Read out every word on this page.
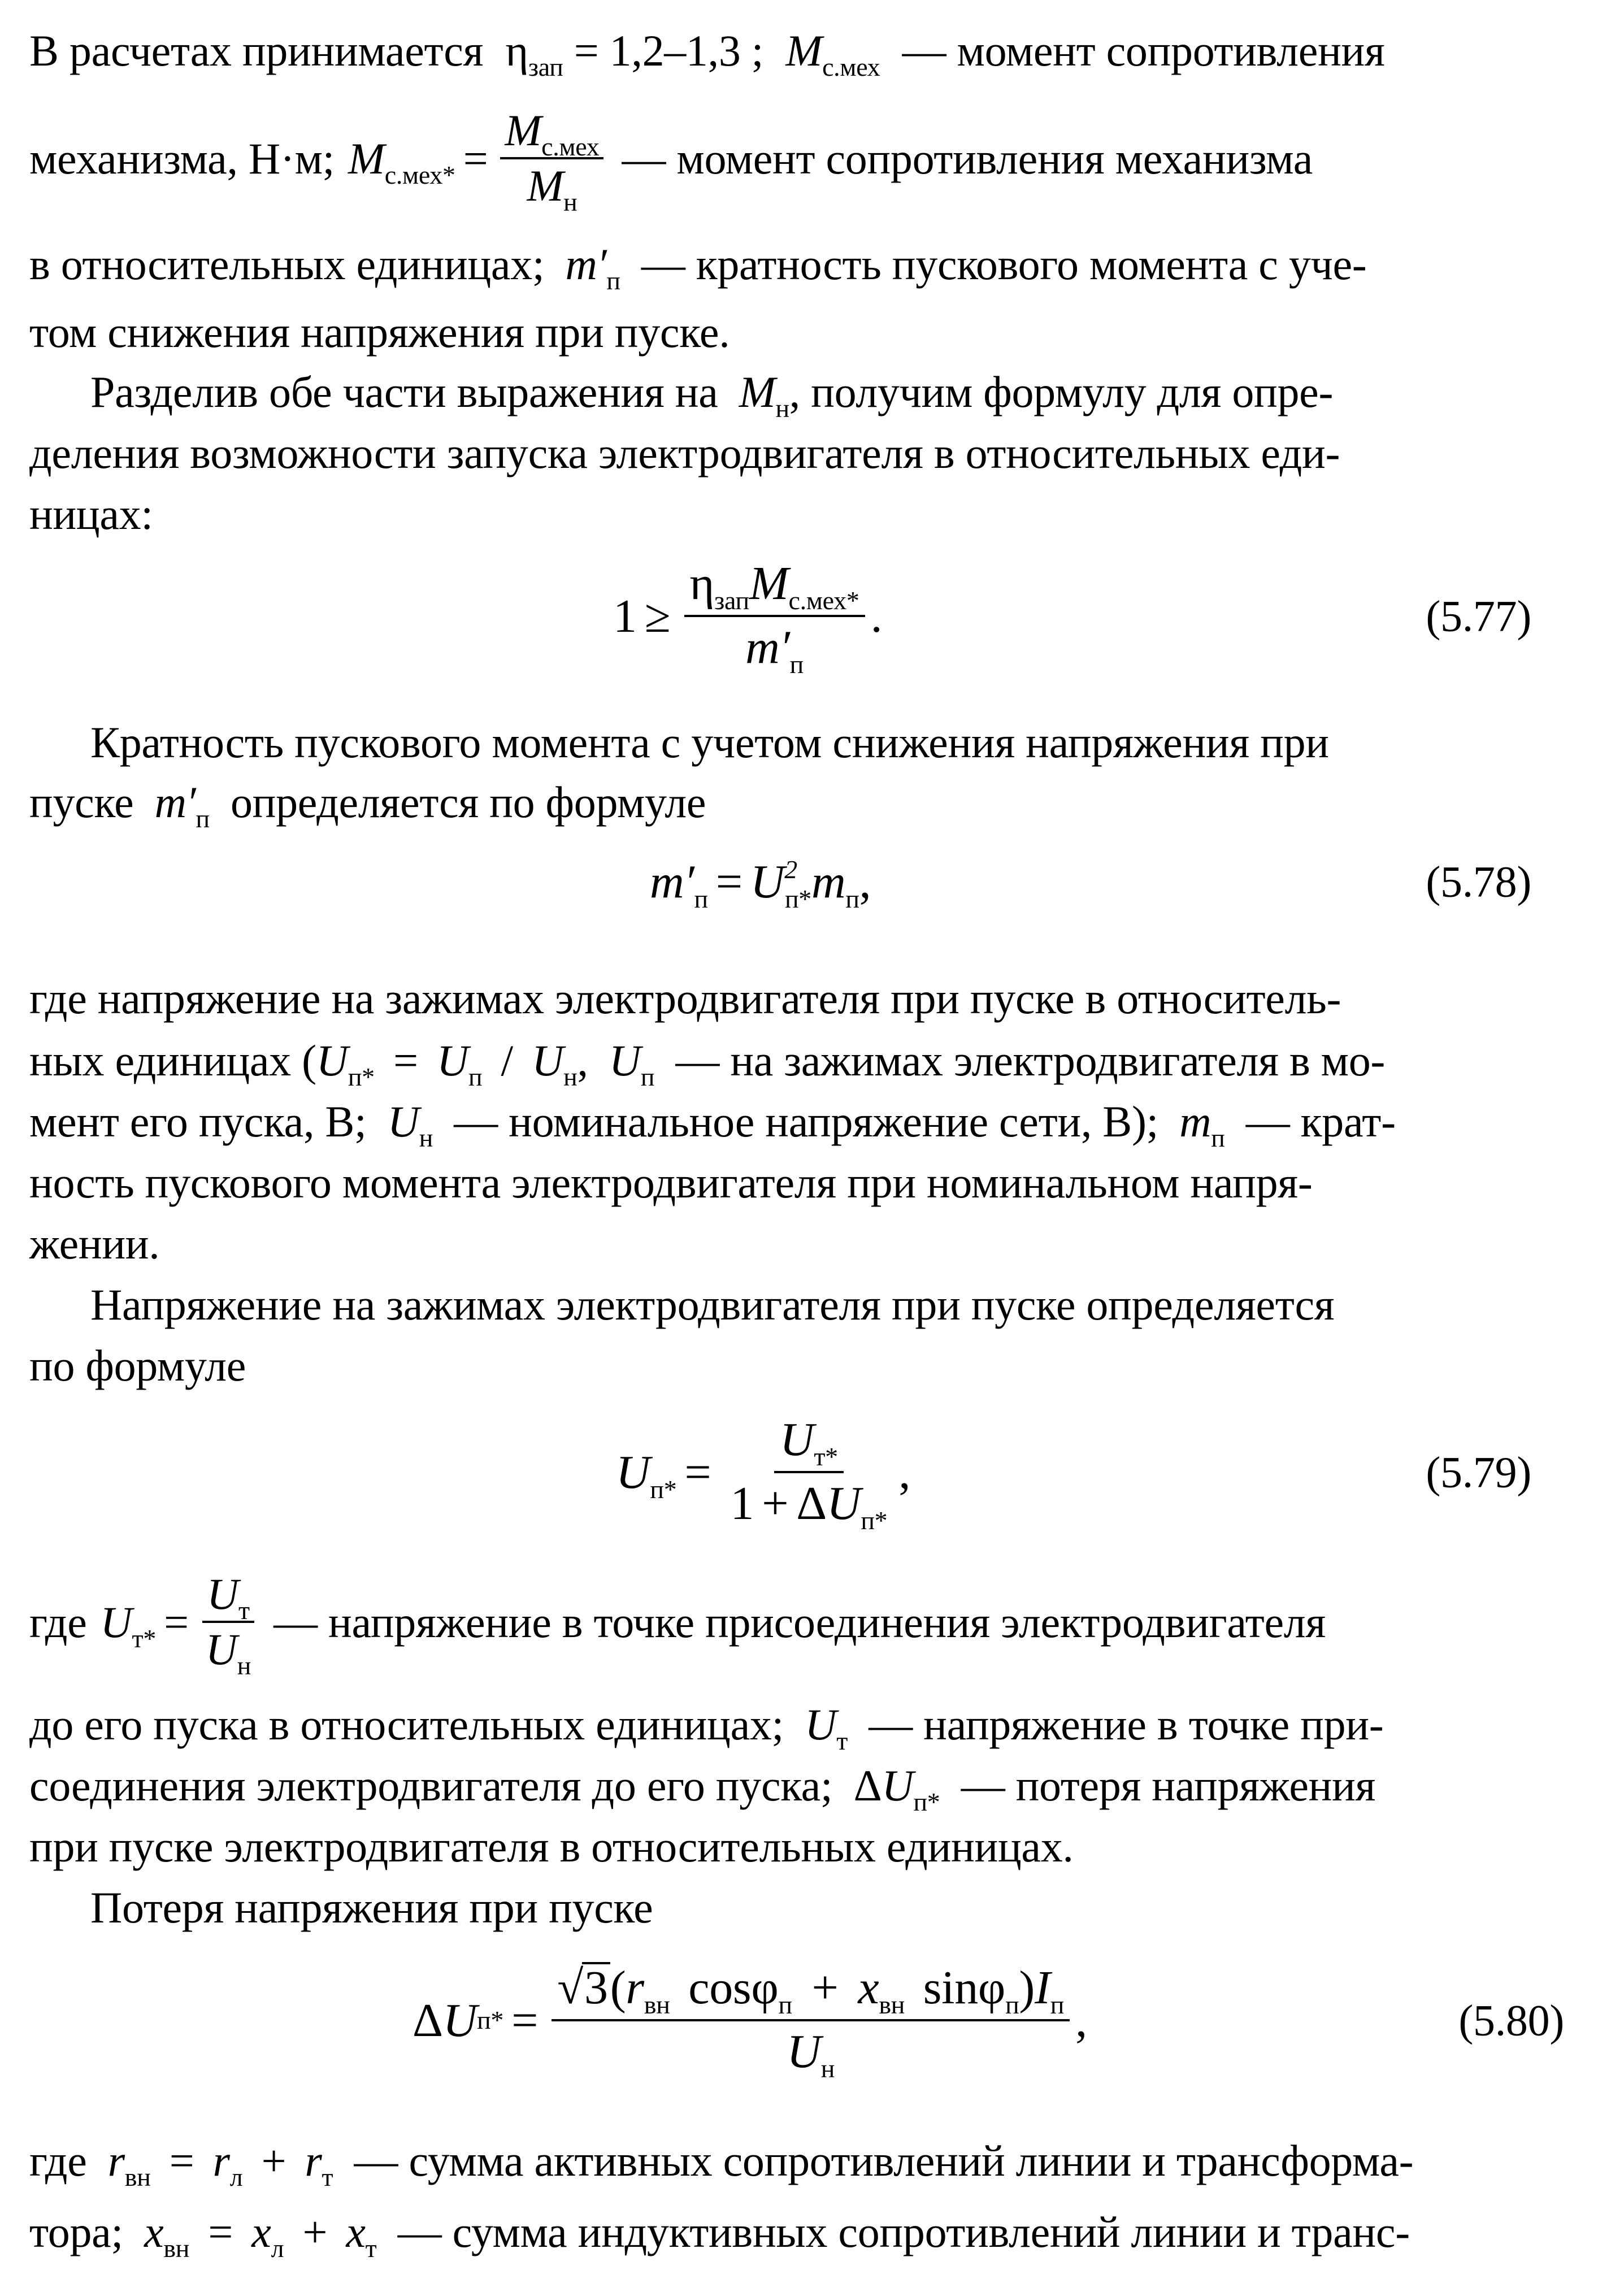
В расчетах принимается $\eta_{зап} = 1,2-1,3$ ; $M_{с.мех}$ — момент сопротивления
механизма, Н·м; $M_{с.мех*}$ =
$M_{с.мех}$
$M_н$
— момент сопротивления механизма
в относительных единицах; $m'_п$ — кратность пускового момента с уче-
том снижения напряжения при пуске.
Разделив обе части выражения на $M_н$, получим формулу для опре-
деления возможности запуска электродвигателя в относительных еди-
ницах:
$1 \ge \frac{\eta_{зап}M_{с.мех*}}{m'_п}$ .	(5.77)
Кратность пускового момента с учетом снижения напряжения при
пуске $m'_п$ определяется по формуле
$m'_п = U^2_{п*}m_п$ ,	(5.78)
где напряжение на зажимах электродвигателя при пуске в относитель-
ных единицах ($U_{п*} = U_п / U_н$, $U_п$ — на зажимах электродвигателя в мо-
мент его пуска, В; $U_н$ — номинальное напряжение сети, В); $m_п$ — крат-
ность пускового момента электродвигателя при номинальном напря-
жении.
Напряжение на зажимах электродвигателя при пуске определяется
по формуле
$U_{п*} = \frac{U_{т*}}{1 + \Delta U_{п*}}$ ,	(5.79)
где $U_{т*}$ =
$U_т$
$U_н$
— напряжение в точке присоединения электродвигателя
до его пуска в относительных единицах; $U_т$ — напряжение в точке при-
соединения электродвигателя до его пуска; $\Delta U_{п*}$ — потеря напряжения
при пуске электродвигателя в относительных единицах.
Потеря напряжения при пуске
Δ U п* =
$√3(r_{вн}$ $\cos\varphi_п + x_{вн}$ $\sin\varphi_п)I_п$
$U_н$
,	(5.80)
где $r_{вн} = r_л + r_т$ — сумма активных сопротивлений линии и трансформа-
тора; $x_{вн} = x_л + x_т$ — сумма индуктивных сопротивлений линии и транс-
